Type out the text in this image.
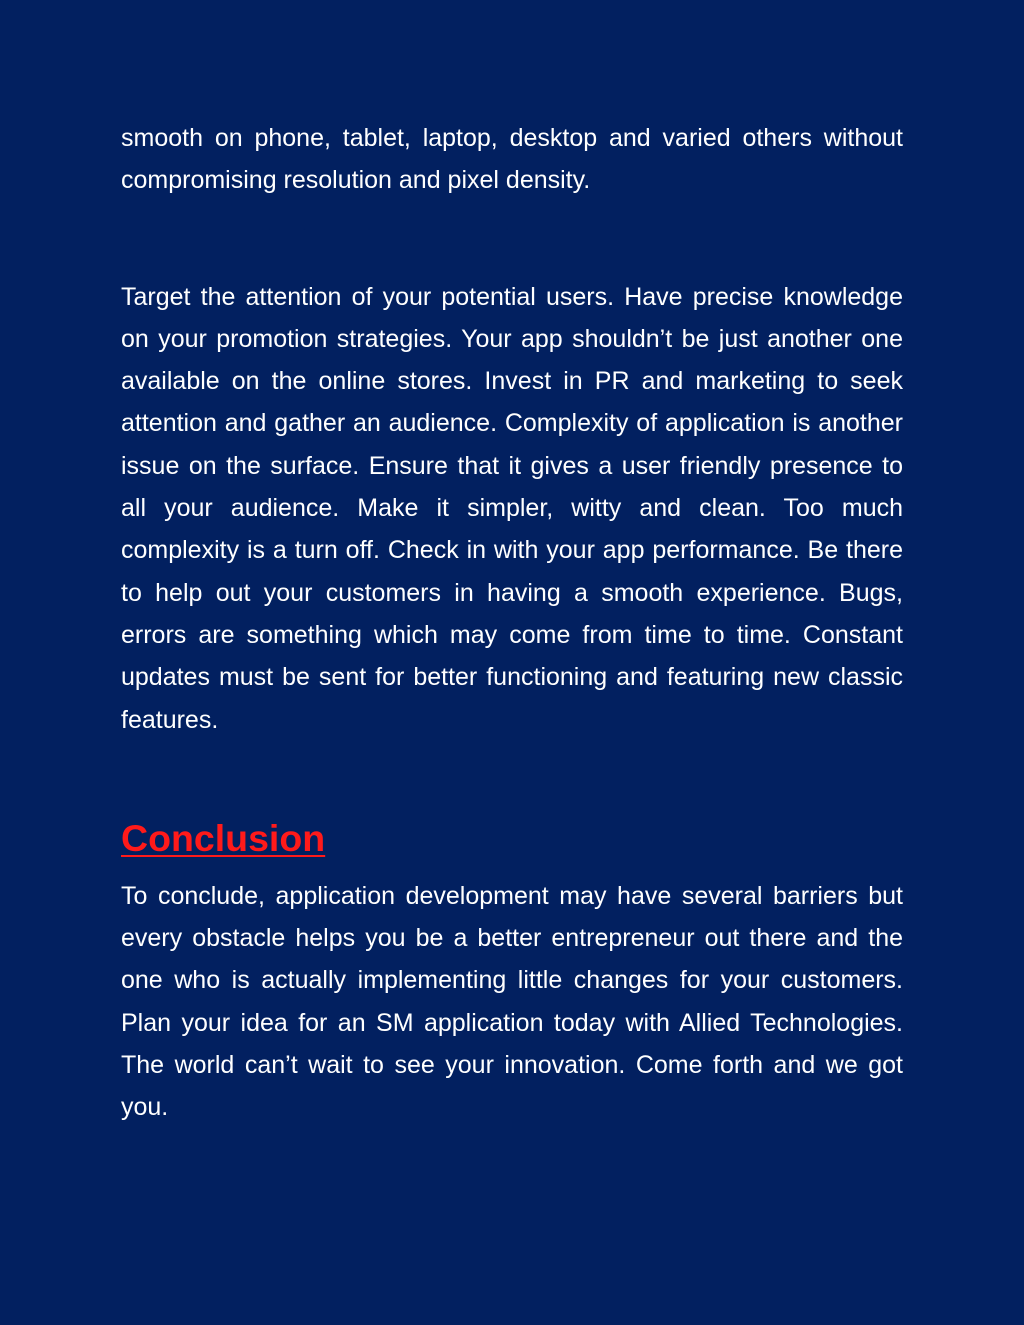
smooth on phone, tablet, laptop, desktop and varied others without compromising resolution and pixel density.

Target the attention of your potential users. Have precise knowledge on your promotion strategies. Your app shouldn’t be just another one available on the online stores. Invest in PR and marketing to seek attention and gather an audience. Complexity of application is another issue on the surface. Ensure that it gives a user friendly presence to all your audience. Make it simpler, witty and clean. Too much complexity is a turn off. Check in with your app performance. Be there to help out your customers in having a smooth experience. Bugs, errors are something which may come from time to time. Constant updates must be sent for better functioning and featuring new classic features.

Conclusion

To conclude, application development may have several barriers but every obstacle helps you be a better entrepreneur out there and the one who is actually implementing little changes for your customers. Plan your idea for an SM application today with Allied Technologies. The world can’t wait to see your innovation. Come forth and we got you.
